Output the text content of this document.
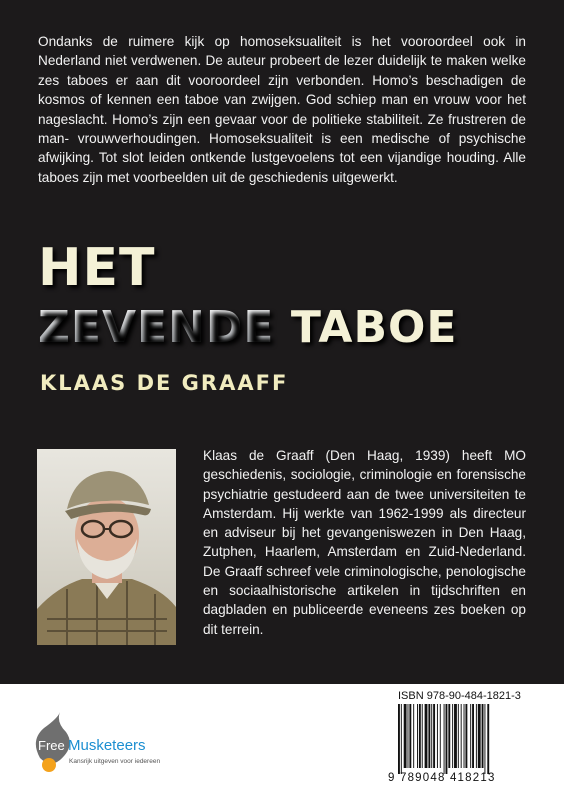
Ondanks de ruimere kijk op homoseksualiteit is het vooroordeel ook in Nederland niet verdwenen. De auteur probeert de lezer duidelijk te maken welke zes taboes er aan dit vooroordeel zijn verbonden. Homo’s beschadigen de kosmos of kennen een taboe van zwijgen. God schiep man en vrouw voor het nageslacht. Homo’s zijn een gevaar voor de politieke stabiliteit. Ze frustreren de man- vrouwverhoudingen. Homoseksualiteit is een medische of psychische afwijking. Tot slot leiden ontkende lustgevoelens tot een vijandige houding. Alle taboes zijn met voorbeelden uit de geschiedenis uitgewerkt.

HET
ZEVENDE TABOE
KLAAS DE GRAAFF

Klaas de Graaff (Den Haag, 1939) heeft MO geschiedenis, sociologie, criminologie en forensische psychiatrie gestudeerd aan de twee universiteiten te Amsterdam. Hij werkte van 1962-1999 als directeur en adviseur bij het gevangeniswezen in Den Haag, Zutphen, Haarlem, Amsterdam en Zuid-Nederland. De Graaff schreef vele criminologische, penologische en sociaalhistorische artikelen in tijdschriften en dagbladen en publiceerde eveneens zes boeken op dit terrein.

Free Musketeers
Kansrijk uitgeven voor iedereen
ISBN 978-90-484-1821-3
9 789048 418213
